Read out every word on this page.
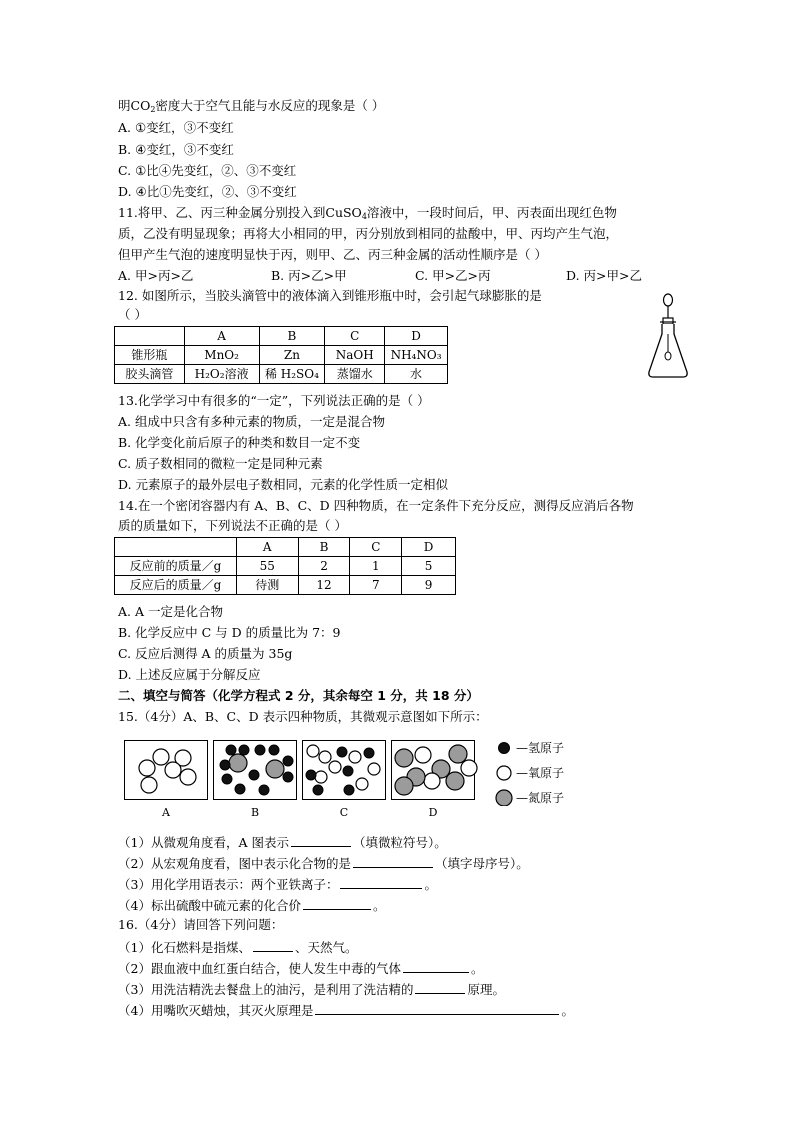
明$CO_2$密度大于空气且能与水反应的现象是（ ）
A. ①变红，③不变红
B. ④变红，③不变红
C. ①比④先变红，②、③不变红
D. ④比①先变红，②、③不变红
11.将甲、乙、丙三种金属分别投入到CuSO$_4$溶液中，一段时间后，甲、丙表面出现红色物
质，乙没有明显现象；再将大小相同的甲，丙分别放到相同的盐酸中，甲、丙均产生气泡，
但甲产生气泡的速度明显快于丙，则甲、乙、丙三种金属的活动性顺序是（ ）
A. 甲>丙>乙	B. 丙>乙>甲	C. 甲>乙>丙	D. 丙>甲>乙
12. 如图所示，当胶头滴管中的液体滴入到锥形瓶中时，会引起气球膨胀的是
（ ）
	A	B	C	D
锥形瓶	MnO₂	Zn	NaOH	NH₄NO₃
胶头滴管	H₂O₂溶液	稀 H₂SO₄	蒸馏水	水
13.化学学习中有很多的“一定”，下列说法正确的是（ ）
A. 组成中只含有多种元素的物质，一定是混合物
B. 化学变化前后原子的种类和数目一定不变
C. 质子数相同的微粒一定是同种元素
D. 元素原子的最外层电子数相同，元素的化学性质一定相似
14.在一个密闭容器内有 A、B、C、D 四种物质，在一定条件下充分反应，测得反应消后各物
质的质量如下，下列说法不正确的是（ ）
	A	B	C	D
反应前的质量／g	55	2	1	5
反应后的质量／g	待测	12	7	9
A. A 一定是化合物
B. 化学反应中 C 与 D 的质量比为 7：9
C. 反应后测得 A 的质量为 35g
D. 上述反应属于分解反应
二、填空与简答（化学方程式 2 分，其余每空 1 分，共 18 分）
15.（4分）A、B、C、D 表示四种物质，其微观示意图如下所示：
A	B	C	D
—氢原子
—氧原子
—氮原子
（1）从微观角度看，A 图表示	（填微粒符号）。
（2）从宏观角度看，图中表示化合物的是	（填字母序号）。
（3）用化学用语表示：两个亚铁离子：	。
（4）标出硫酸中硫元素的化合价	。
16.（4分）请回答下列问题：
（1）化石燃料是指煤、	、天然气。
（2）跟血液中血红蛋白结合，使人发生中毒的气体	。
（3）用洗洁精洗去餐盘上的油污，是利用了洗洁精的	原理。
（4）用嘴吹灭蜡烛，其灭火原理是	。
